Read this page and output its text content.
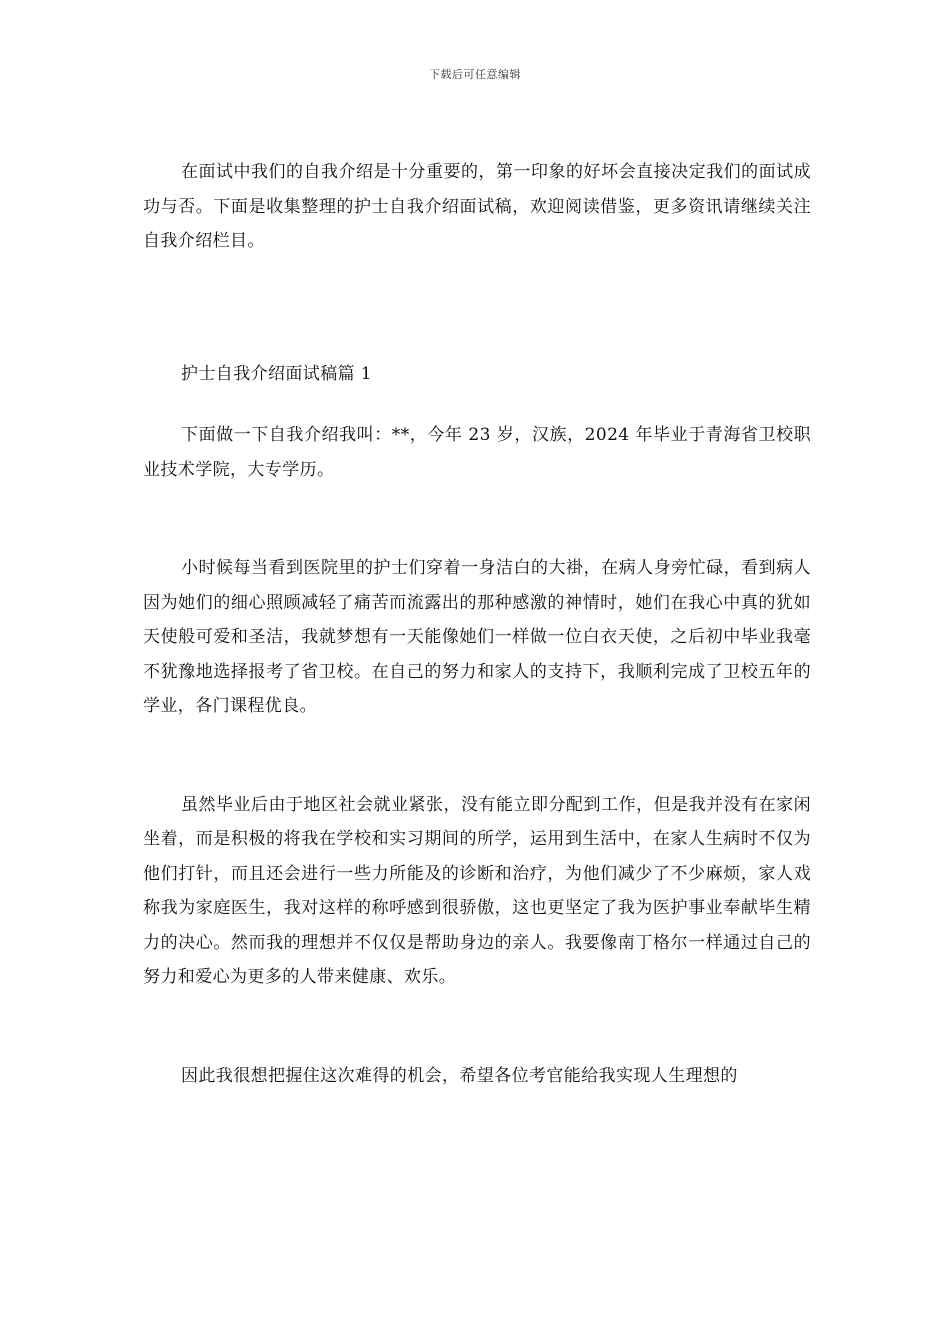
下载后可任意编辑

在面试中我们的自我介绍是十分重要的，第一印象的好坏会直接决定我们的面试成功与否。下面是收集整理的护士自我介绍面试稿，欢迎阅读借鉴，更多资讯请继续关注自我介绍栏目。

护士自我介绍面试稿篇 1

下面做一下自我介绍我叫：**，今年 23 岁，汉族，2024 年毕业于青海省卫校职业技术学院，大专学历。

小时候每当看到医院里的护士们穿着一身洁白的大褂，在病人身旁忙碌，看到病人因为她们的细心照顾减轻了痛苦而流露出的那种感激的神情时，她们在我心中真的犹如天使般可爱和圣洁，我就梦想有一天能像她们一样做一位白衣天使，之后初中毕业我毫不犹豫地选择报考了省卫校。在自己的努力和家人的支持下，我顺利完成了卫校五年的学业，各门课程优良。

虽然毕业后由于地区社会就业紧张，没有能立即分配到工作，但是我并没有在家闲坐着，而是积极的将我在学校和实习期间的所学，运用到生活中，在家人生病时不仅为他们打针，而且还会进行一些力所能及的诊断和治疗，为他们减少了不少麻烦，家人戏称我为家庭医生，我对这样的称呼感到很骄傲，这也更坚定了我为医护事业奉献毕生精力的决心。然而我的理想并不仅仅是帮助身边的亲人。我要像南丁格尔一样通过自己的努力和爱心为更多的人带来健康、欢乐。

因此我很想把握住这次难得的机会，希望各位考官能给我实现人生理想的
